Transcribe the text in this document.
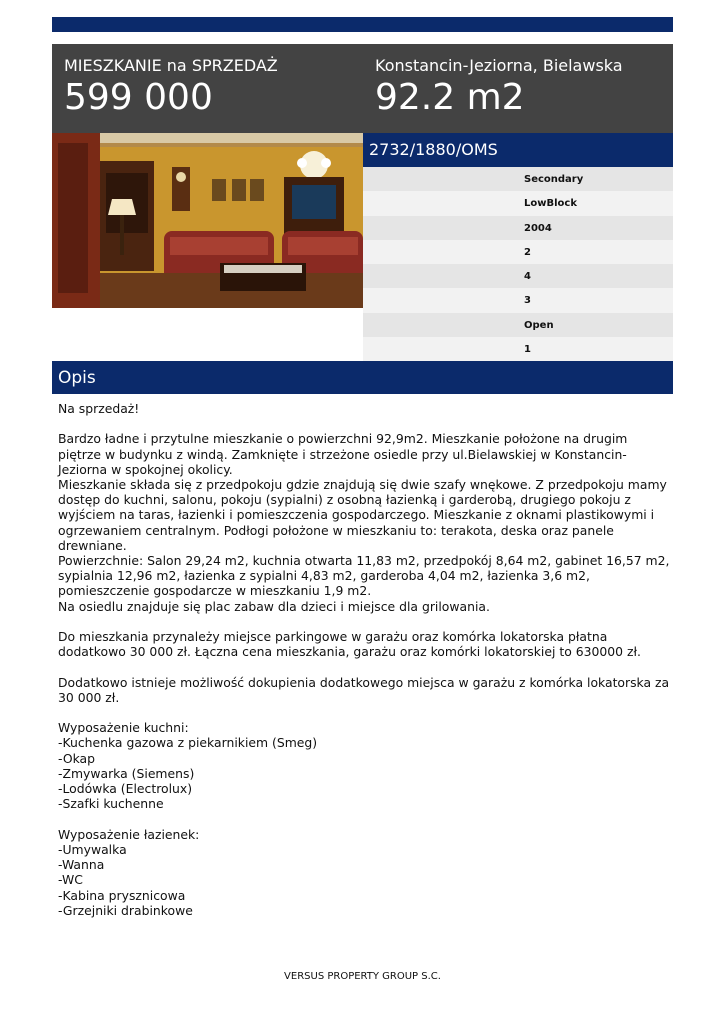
MIESZKANIE na SPRZEDAŻ
599 000
Konstancin-Jeziorna, Bielawska
92.2 m2
2732/1880/OMS
Secondary
LowBlock
2004
2
4
3
Open
1
Opis

Na sprzedaż!

Bardzo ładne i przytulne mieszkanie o powierzchni 92,9m2. Mieszkanie położone na drugim piętrze w budynku z windą. Zamknięte i strzeżone osiedle przy ul.Bielawskiej w Konstancin-Jeziorna w spokojnej okolicy.

Mieszkanie składa się z przedpokoju gdzie znajdują się dwie szafy wnękowe. Z przedpokoju mamy dostęp do kuchni, salonu, pokoju (sypialni) z osobną łazienką i garderobą, drugiego pokoju z wyjściem na taras, łazienki i pomieszczenia gospodarczego. Mieszkanie z oknami plastikowymi i ogrzewaniem centralnym. Podłogi położone w mieszkaniu to: terakota, deska oraz panele drewniane.

Powierzchnie: Salon 29,24 m2, kuchnia otwarta 11,83 m2, przedpokój 8,64 m2, gabinet 16,57 m2, sypialnia 12,96 m2, łazienka z sypialni 4,83 m2, garderoba 4,04 m2, łazienka 3,6 m2, pomieszczenie gospodarcze w mieszkaniu 1,9 m2.

Na osiedlu znajduje się plac zabaw dla dzieci i miejsce dla grilowania.

Do mieszkania przynależy miejsce parkingowe w garażu oraz komórka lokatorska płatna dodatkowo 30 000 zł. Łączna cena mieszkania, garażu oraz komórki lokatorskiej to 630000 zł.

Dodatkowo istnieje możliwość dokupienia dodatkowego miejsca w garażu z komórka lokatorska za 30 000 zł.

Wyposażenie kuchni:

-Kuchenka gazowa z piekarnikiem (Smeg)

-Okap

-Zmywarka (Siemens)

-Lodówka (Electrolux)

-Szafki kuchenne

Wyposażenie łazienek:

-Umywalka

-Wanna

-WC

-Kabina prysznicowa

-Grzejniki drabinkowe

VERSUS PROPERTY GROUP S.C.
